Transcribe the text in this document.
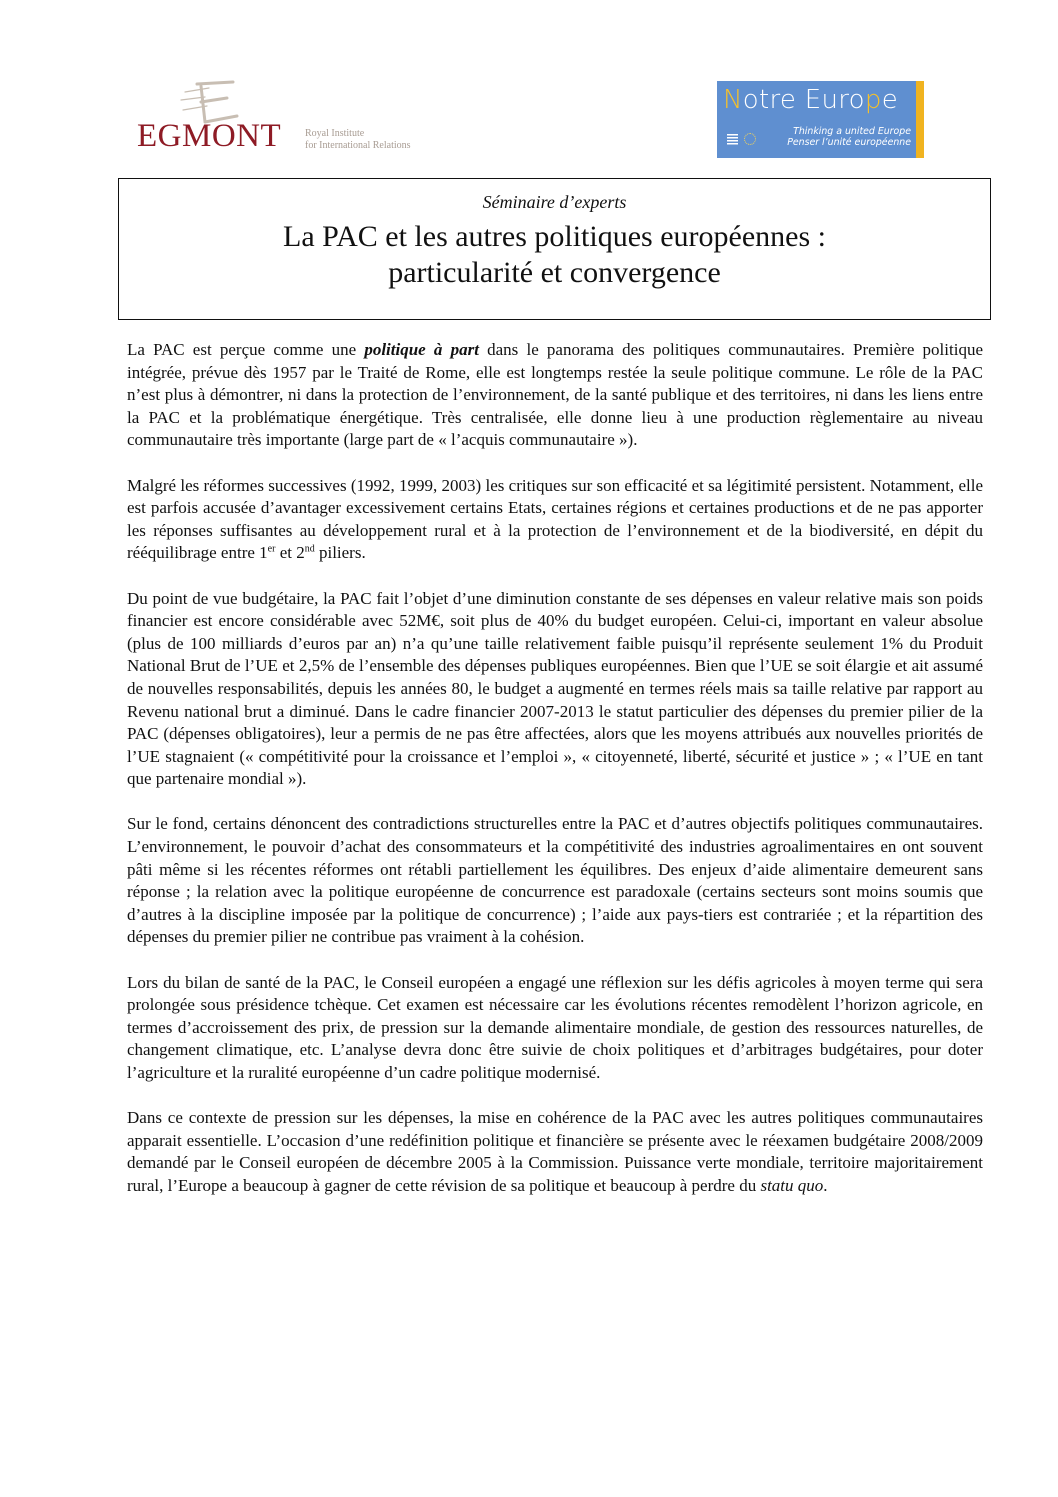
EGMONT Royal Institute
for International Relations
Notre Europe
Thinking a united Europe
Penser l’unité européenne
Séminaire d’experts
La PAC et les autres politiques européennes :
particularité et convergence

La PAC est perçue comme une politique à part dans le panorama des politiques communautaires. Première politique intégrée, prévue dès 1957 par le Traité de Rome, elle est longtemps restée la seule politique commune. Le rôle de la PAC n’est plus à démontrer, ni dans la protection de l’environnement, de la santé publique et des territoires, ni dans les liens entre la PAC et la problématique énergétique. Très centralisée, elle donne lieu à une production règlementaire au niveau communautaire très importante (large part de « l’acquis communautaire »).

Malgré les réformes successives (1992, 1999, 2003) les critiques sur son efficacité et sa légitimité persistent. Notamment, elle est parfois accusée d’avantager excessivement certains Etats, certaines régions et certaines productions et de ne pas apporter les réponses suffisantes au développement rural et à la protection de l’environnement et de la biodiversité, en dépit du rééquilibrage entre 1er et 2nd piliers.

Du point de vue budgétaire, la PAC fait l’objet d’une diminution constante de ses dépenses en valeur relative mais son poids financier est encore considérable avec 52M€, soit plus de 40% du budget européen. Celui-ci, important en valeur absolue (plus de 100 milliards d’euros par an) n’a qu’une taille relativement faible puisqu’il représente seulement 1% du Produit National Brut de l’UE et 2,5% de l’ensemble des dépenses publiques européennes. Bien que l’UE se soit élargie et ait assumé de nouvelles responsabilités, depuis les années 80, le budget a augmenté en termes réels mais sa taille relative par rapport au Revenu national brut a diminué. Dans le cadre financier 2007-2013 le statut particulier des dépenses du premier pilier de la PAC (dépenses obligatoires), leur a permis de ne pas être affectées, alors que les moyens attribués aux nouvelles priorités de l’UE stagnaient (« compétitivité pour la croissance et l’emploi », « citoyenneté, liberté, sécurité et justice » ; « l’UE en tant que partenaire mondial »).

Sur le fond, certains dénoncent des contradictions structurelles entre la PAC et d’autres objectifs politiques communautaires. L’environnement, le pouvoir d’achat des consommateurs et la compétitivité des industries agroalimentaires en ont souvent pâti même si les récentes réformes ont rétabli partiellement les équilibres. Des enjeux d’aide alimentaire demeurent sans réponse ; la relation avec la politique européenne de concurrence est paradoxale (certains secteurs sont moins soumis que d’autres à la discipline imposée par la politique de concurrence) ; l’aide aux pays-tiers est contrariée ; et la répartition des dépenses du premier pilier ne contribue pas vraiment à la cohésion.

Lors du bilan de santé de la PAC, le Conseil européen a engagé une réflexion sur les défis agricoles à moyen terme qui sera prolongée sous présidence tchèque. Cet examen est nécessaire car les évolutions récentes remodèlent l’horizon agricole, en termes d’accroissement des prix, de pression sur la demande alimentaire mondiale, de gestion des ressources naturelles, de changement climatique, etc. L’analyse devra donc être suivie de choix politiques et d’arbitrages budgétaires, pour doter l’agriculture et la ruralité européenne d’un cadre politique modernisé.

Dans ce contexte de pression sur les dépenses, la mise en cohérence de la PAC avec les autres politiques communautaires apparait essentielle. L’occasion d’une redéfinition politique et financière se présente avec le réexamen budgétaire 2008/2009 demandé par le Conseil européen de décembre 2005 à la Commission. Puissance verte mondiale, territoire majoritairement rural, l’Europe a beaucoup à gagner de cette révision de sa politique et beaucoup à perdre du statu quo.
